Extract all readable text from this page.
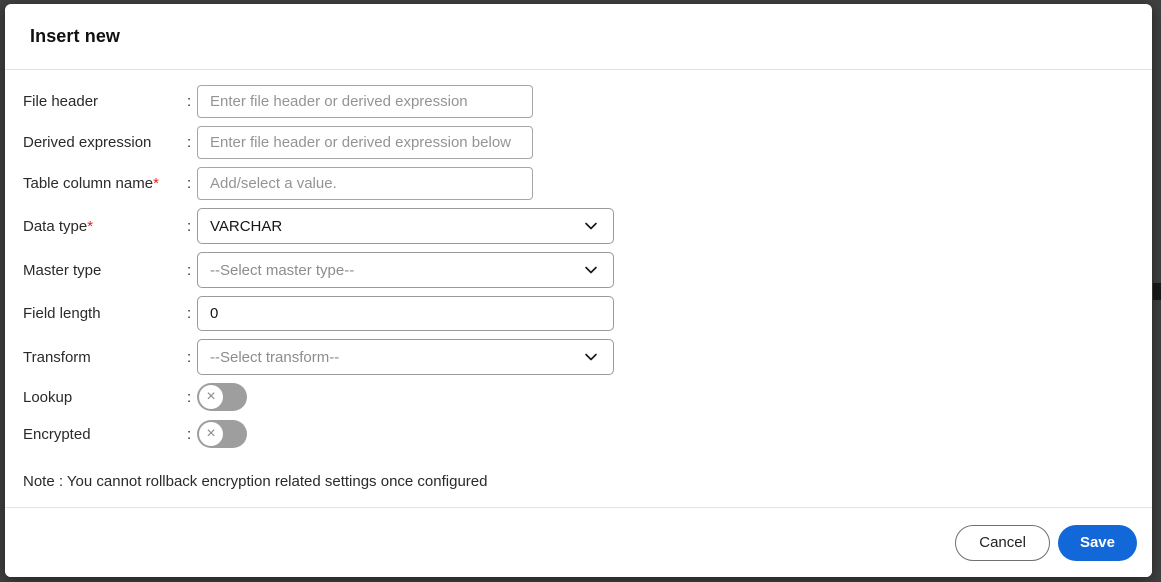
Insert new
File header	:
Enter file header or derived expression
Derived expression	:
Enter file header or derived expression below
Table column name*	:
Add/select a value.
Data type*	:	VARCHAR
Master type	:	--Select master type--
Field length	:
0
Transform	:	--Select transform--
Lookup	: ×
Encrypted	: ×
Note : You cannot rollback encryption related settings once configured
Cancel	Save
